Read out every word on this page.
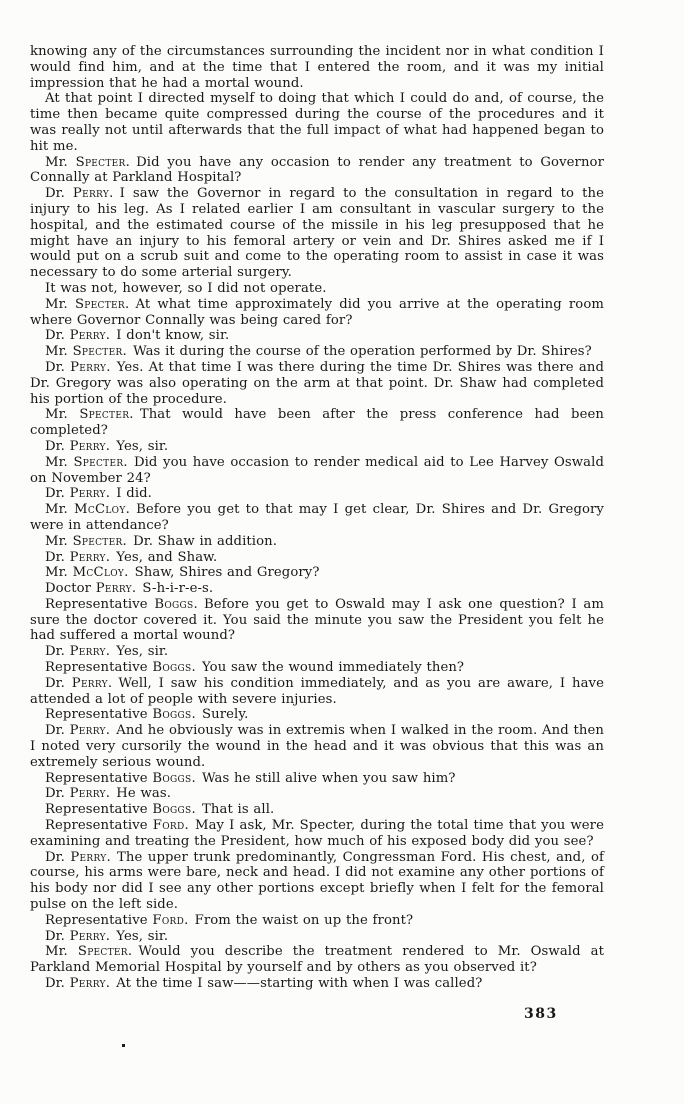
knowing any of the circumstances surrounding the incident nor in what condition I would find him, and at the time that I entered the room, and it was my initial impression that he had a mortal wound.

At that point I directed myself to doing that which I could do and, of course, the time then became quite compressed during the course of the procedures and it was really not until afterwards that the full impact of what had happened began to hit me.

Mr. Specter. Did you have any occasion to render any treatment to Governor Connally at Parkland Hospital?

Dr. Perry. I saw the Governor in regard to the consultation in regard to the injury to his leg. As I related earlier I am consultant in vascular surgery to the hospital, and the estimated course of the missile in his leg presupposed that he might have an injury to his femoral artery or vein and Dr. Shires asked me if I would put on a scrub suit and come to the operating room to assist in case it was necessary to do some arterial surgery.

It was not, however, so I did not operate.

Mr. Specter. At what time approximately did you arrive at the operating room where Governor Connally was being cared for?

Dr. Perry. I don't know, sir.

Mr. Specter. Was it during the course of the operation performed by Dr. Shires?

Dr. Perry. Yes. At that time I was there during the time Dr. Shires was there and Dr. Gregory was also operating on the arm at that point. Dr. Shaw had completed his portion of the procedure.

Mr. Specter. That would have been after the press conference had been completed?

Dr. Perry. Yes, sir.

Mr. Specter. Did you have occasion to render medical aid to Lee Harvey Oswald on November 24?

Dr. Perry. I did.

Mr. McCloy. Before you get to that may I get clear, Dr. Shires and Dr. Gregory were in attendance?

Mr. Specter. Dr. Shaw in addition.

Dr. Perry. Yes, and Shaw.

Mr. McCloy. Shaw, Shires and Gregory?

Doctor Perry. S-h-i-r-e-s.

Representative Boggs. Before you get to Oswald may I ask one question? I am sure the doctor covered it. You said the minute you saw the President you felt he had suffered a mortal wound?

Dr. Perry. Yes, sir.

Representative Boggs. You saw the wound immediately then?

Dr. Perry. Well, I saw his condition immediately, and as you are aware, I have attended a lot of people with severe injuries.

Representative Boggs. Surely.

Dr. Perry. And he obviously was in extremis when I walked in the room. And then I noted very cursorily the wound in the head and it was obvious that this was an extremely serious wound.

Representative Boggs. Was he still alive when you saw him?

Dr. Perry. He was.

Representative Boggs. That is all.

Representative Ford. May I ask, Mr. Specter, during the total time that you were examining and treating the President, how much of his exposed body did you see?

Dr. Perry. The upper trunk predominantly, Congressman Ford. His chest, and, of course, his arms were bare, neck and head. I did not examine any other portions of his body nor did I see any other portions except briefly when I felt for the femoral pulse on the left side.

Representative Ford. From the waist on up the front?

Dr. Perry. Yes, sir.

Mr. Specter. Would you describe the treatment rendered to Mr. Oswald at Parkland Memorial Hospital by yourself and by others as you observed it?

Dr. Perry. At the time I saw——starting with when I was called?

383
